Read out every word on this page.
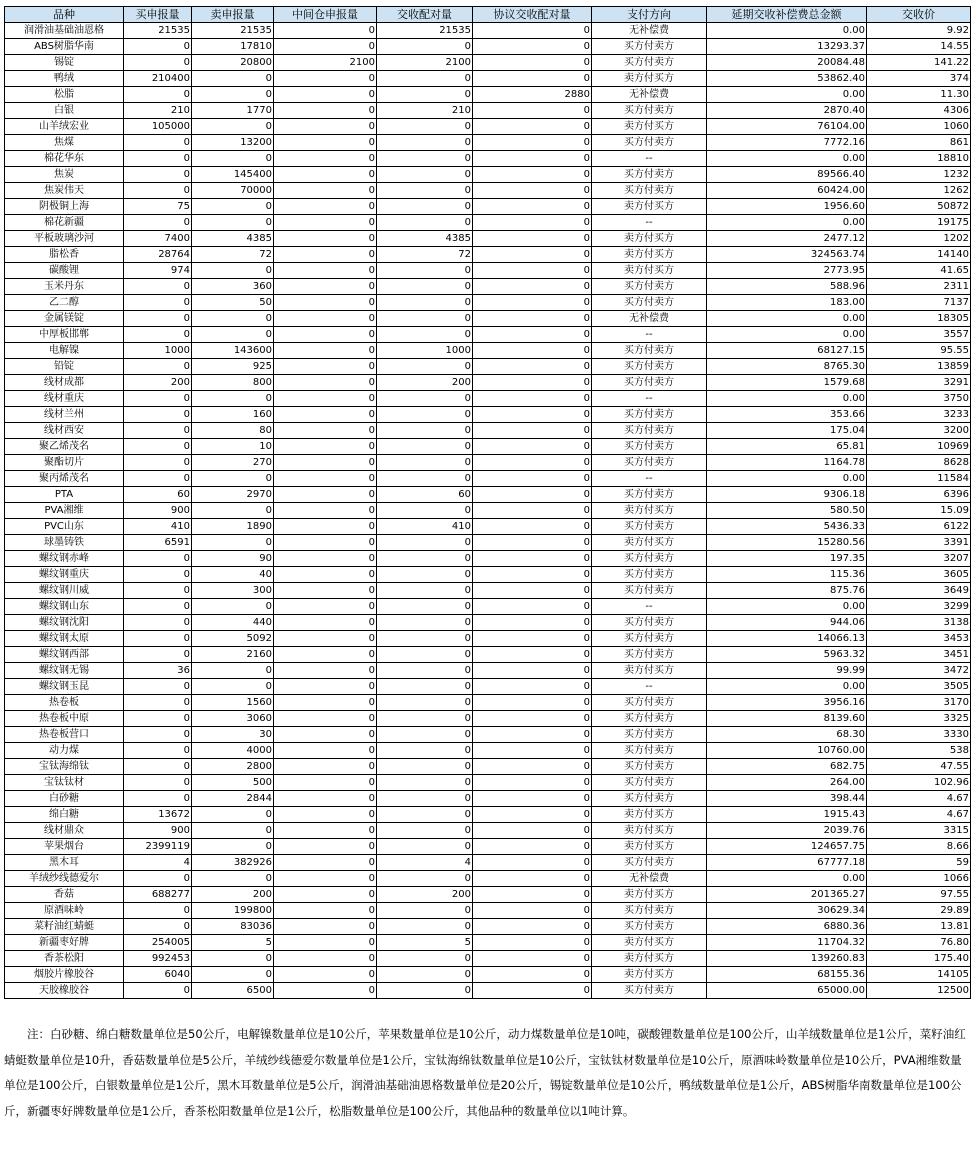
品种	买申报量	卖申报量	中间仓申报量	交收配对量	协议交收配对量	支付方向	延期交收补偿费总金额	交收价
润滑油基础油恩格	21535	21535	0	21535	0	无补偿费	0.00	9.92
ABS树脂华南	0	17810	0	0	0	买方付卖方	13293.37	14.55
锡锭	0	20800	2100	2100	0	买方付卖方	20084.48	141.22
鸭绒	210400	0	0	0	0	卖方付买方	53862.40	374
松脂	0	0	0	0	2880	无补偿费	0.00	11.30
白银	210	1770	0	210	0	买方付卖方	2870.40	4306
山羊绒宏业	105000	0	0	0	0	卖方付买方	76104.00	1060
焦煤	0	13200	0	0	0	买方付卖方	7772.16	861
棉花华东	0	0	0	0	0	--	0.00	18810
焦炭	0	145400	0	0	0	买方付卖方	89566.40	1232
焦炭伟天	0	70000	0	0	0	买方付卖方	60424.00	1262
阴极铜上海	75	0	0	0	0	卖方付买方	1956.60	50872
棉花新疆	0	0	0	0	0	--	0.00	19175
平板玻璃沙河	7400	4385	0	4385	0	卖方付买方	2477.12	1202
脂松香	28764	72	0	72	0	卖方付买方	324563.74	14140
碳酸锂	974	0	0	0	0	卖方付买方	2773.95	41.65
玉米丹东	0	360	0	0	0	买方付卖方	588.96	2311
乙二醇	0	50	0	0	0	买方付卖方	183.00	7137
金属镁锭	0	0	0	0	0	无补偿费	0.00	18305
中厚板邯郸	0	0	0	0	0	--	0.00	3557
电解镍	1000	143600	0	1000	0	买方付卖方	68127.15	95.55
铅锭	0	925	0	0	0	买方付卖方	8765.30	13859
线材成都	200	800	0	200	0	买方付卖方	1579.68	3291
线材重庆	0	0	0	0	0	--	0.00	3750
线材兰州	0	160	0	0	0	买方付卖方	353.66	3233
线材西安	0	80	0	0	0	买方付卖方	175.04	3200
聚乙烯茂名	0	10	0	0	0	买方付卖方	65.81	10969
聚酯切片	0	270	0	0	0	买方付卖方	1164.78	8628
聚丙烯茂名	0	0	0	0	0	--	0.00	11584
PTA	60	2970	0	60	0	买方付卖方	9306.18	6396
PVA湘维	900	0	0	0	0	卖方付买方	580.50	15.09
PVC山东	410	1890	0	410	0	买方付卖方	5436.33	6122
球墨铸铁	6591	0	0	0	0	卖方付买方	15280.56	3391
螺纹钢赤峰	0	90	0	0	0	买方付卖方	197.35	3207
螺纹钢重庆	0	40	0	0	0	买方付卖方	115.36	3605
螺纹钢川威	0	300	0	0	0	买方付卖方	875.76	3649
螺纹钢山东	0	0	0	0	0	--	0.00	3299
螺纹钢沈阳	0	440	0	0	0	买方付卖方	944.06	3138
螺纹钢太原	0	5092	0	0	0	买方付卖方	14066.13	3453
螺纹钢西部	0	2160	0	0	0	买方付卖方	5963.32	3451
螺纹钢无锡	36	0	0	0	0	卖方付买方	99.99	3472
螺纹钢玉昆	0	0	0	0	0	--	0.00	3505
热卷板	0	1560	0	0	0	买方付卖方	3956.16	3170
热卷板中原	0	3060	0	0	0	买方付卖方	8139.60	3325
热卷板营口	0	30	0	0	0	买方付卖方	68.30	3330
动力煤	0	4000	0	0	0	买方付卖方	10760.00	538
宝钛海绵钛	0	2800	0	0	0	买方付卖方	682.75	47.55
宝钛钛材	0	500	0	0	0	买方付卖方	264.00	102.96
白砂糖	0	2844	0	0	0	买方付卖方	398.44	4.67
绵白糖	13672	0	0	0	0	卖方付买方	1915.43	4.67
线材鼎众	900	0	0	0	0	卖方付买方	2039.76	3315
苹果烟台	2399119	0	0	0	0	卖方付买方	124657.75	8.66
黑木耳	4	382926	0	4	0	买方付卖方	67777.18	59
羊绒纱线德爱尔	0	0	0	0	0	无补偿费	0.00	1066
香菇	688277	200	0	200	0	卖方付买方	201365.27	97.55
原酒味岭	0	199800	0	0	0	买方付卖方	30629.34	29.89
菜籽油红蜻蜓	0	83036	0	0	0	买方付卖方	6880.36	13.81
新疆枣好牌	254005	5	0	5	0	卖方付买方	11704.32	76.80
香茶松阳	992453	0	0	0	0	卖方付买方	139260.83	175.40
烟胶片橡胶谷	6040	0	0	0	0	卖方付买方	68155.36	14105
天胶橡胶谷	0	6500	0	0	0	买方付卖方	65000.00	12500
注：白砂糖、绵白糖数量单位是50公斤，电解镍数量单位是10公斤，苹果数量单位是10公斤，动力煤数量单位是10吨，碳酸锂数量单位是100公斤，山羊绒数量单位是1公斤，菜籽油红蜻蜓数量单位是10升，香菇数量单位是5公斤，羊绒纱线德爱尔数量单位是1公斤，宝钛海绵钛数量单位是10公斤，宝钛钛材数量单位是10公斤，原酒味岭数量单位是10公斤，PVA湘维数量单位是100公斤，白银数量单位是1公斤，黑木耳数量单位是5公斤，润滑油基础油恩格数量单位是20公斤，锡锭数量单位是10公斤，鸭绒数量单位是1公斤，ABS树脂华南数量单位是100公斤，新疆枣好牌数量单位是1公斤，香茶松阳数量单位是1公斤，松脂数量单位是100公斤，其他品种的数量单位以1吨计算。
